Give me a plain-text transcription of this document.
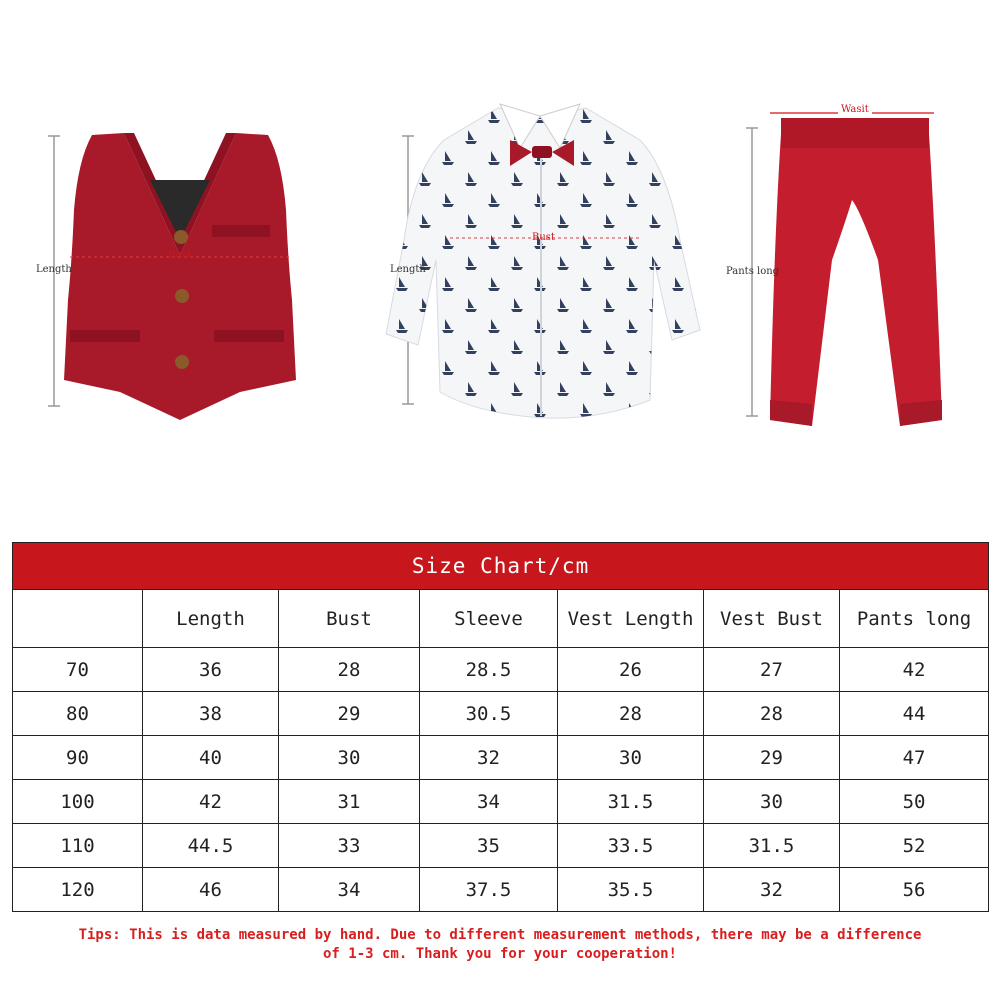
Length
Bust
Length
Bust
Wasit
Pants long
Size Chart/cm						
	Length	Bust	Sleeve	Vest Length	Vest Bust	Pants long
70	36	28	28.5	26	27	42
80	38	29	30.5	28	28	44
90	40	30	32	30	29	47
100	42	31	34	31.5	30	50
110	44.5	33	35	33.5	31.5	52
120	46	34	37.5	35.5	32	56
Tips: This is data measured by hand. Due to different measurement methods, there may be a difference
of 1-3 cm. Thank you for your cooperation!
